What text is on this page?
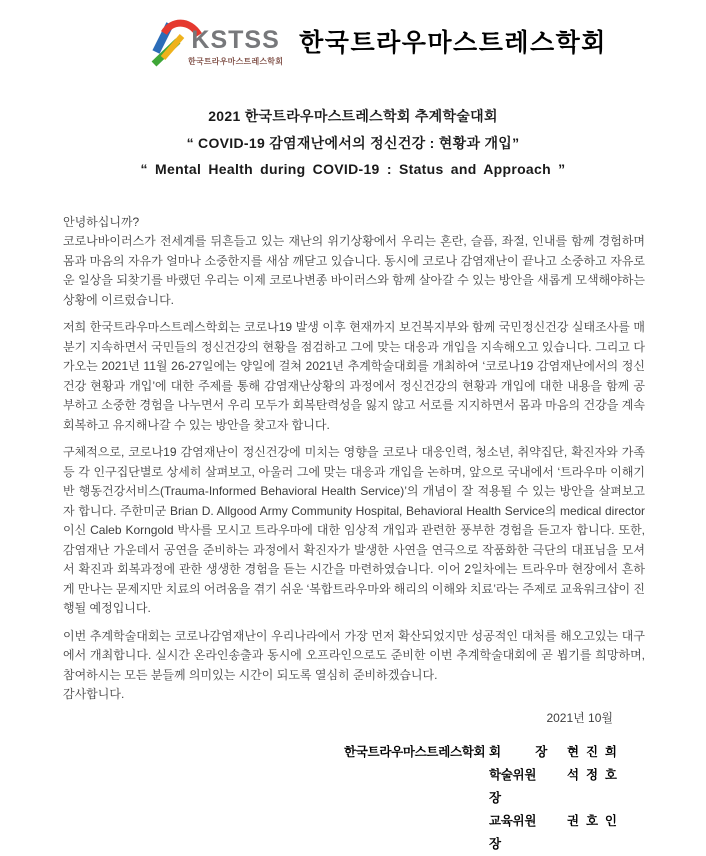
KSTSS
한국트라우마스트레스학회
한국트라우마스트레스학회
2021 한국트라우마스트레스학회 추계학술대회
“ COVID-19 감염재난에서의 정신건강 : 현황과 개입”
“ Mental Health during COVID-19 : Status and Approach ”

안녕하십니까?

코로나바이러스가 전세계를 뒤흔들고 있는 재난의 위기상황에서 우리는 혼란, 슬픔, 좌절, 인내를 함께 경험하며 몸과 마음의 자유가 얼마나 소중한지를 새삼 깨닫고 있습니다. 동시에 코로나 감염재난이 끝나고 소중하고 자유로운 일상을 되찾기를 바랬던 우리는 이제 코로나변종 바이러스와 함께 살아갈 수 있는 방안을 새롭게 모색해야하는 상황에 이르렀습니다.

저희 한국트라우마스트레스학회는 코로나19 발생 이후 현재까지 보건복지부와 함께 국민정신건강 실태조사를 매 분기 지속하면서 국민들의 정신건강의 현황을 점검하고 그에 맞는 대응과 개입을 지속해오고 있습니다. 그리고 다가오는 2021년 11월 26-27일에는 양일에 걸쳐 2021년 추계학술대회를 개최하여 ‘코로나19 감염재난에서의 정신건강 현황과 개입’에 대한 주제를 통해 감염재난상황의 과정에서 정신건강의 현황과 개입에 대한 내용을 함께 공부하고 소중한 경험을 나누면서 우리 모두가 회복탄력성을 잃지 않고 서로를 지지하면서 몸과 마음의 건강을 계속 회복하고 유지해나갈 수 있는 방안을 찾고자 합니다.

구체적으로, 코로나19 감염재난이 정신건강에 미치는 영향을 코로나 대응인력, 청소년, 취약집단, 확진자와 가족 등 각 인구집단별로 상세히 살펴보고, 아울러 그에 맞는 대응과 개입을 논하며, 앞으로 국내에서 ‘트라우마 이해기반 행동건강서비스(Trauma-Informed Behavioral Health Service)’의 개념이 잘 적용될 수 있는 방안을 살펴보고자 합니다. 주한미군 Brian D. Allgood Army Community Hospital, Behavioral Health Service의 medical director이신 Caleb Korngold 박사를 모시고 트라우마에 대한 임상적 개입과 관련한 풍부한 경험을 듣고자 합니다. 또한, 감염재난 가운데서 공연을 준비하는 과정에서 확진자가 발생한 사연을 연극으로 작품화한 극단의 대표님을 모셔서 확진과 회복과정에 관한 생생한 경험을 듣는 시간을 마련하였습니다. 이어 2일차에는 트라우마 현장에서 흔하게 만나는 문제지만 치료의 어려움을 겪기 쉬운 ‘복합트라우마와 해리의 이해와 치료’라는 주제로 교육워크샵이 진행될 예정입니다.

이번 추계학술대회는 코로나감염재난이 우리나라에서 가장 먼저 확산되었지만 성공적인 대처를 해오고있는 대구에서 개최합니다. 실시간 온라인송출과 동시에 오프라인으로도 준비한 이번 추계학술대회에 곧 뵙기를 희망하며, 참여하시는 모든 분들께 의미있는 시간이 되도록 열심히 준비하겠습니다.

감사합니다.

2021년 10월
한국트라우마스트레스학회 회 장 현 진 희
학술위원장
석 정 호
교육위원장
권 호 인
